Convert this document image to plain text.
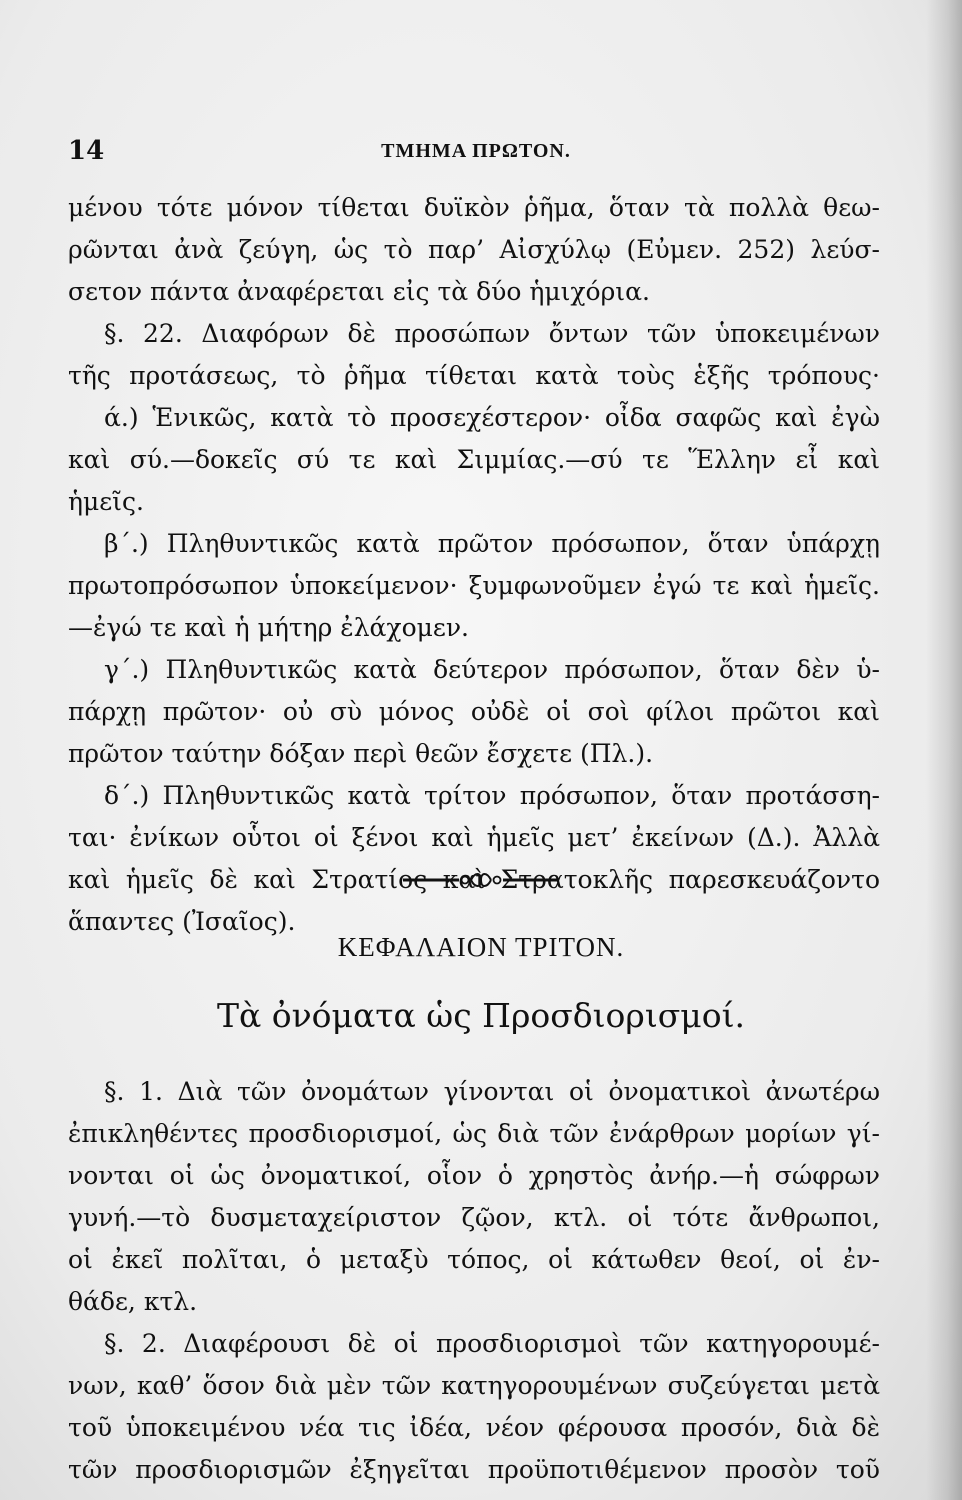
14	ΤΜΗΜΑ ΠΡΩΤΟΝ.
μένου τότε μόνον τίθεται δυϊκὸν ῥῆμα, ὅταν τὰ πολλὰ θεω-
ρῶνται ἀνὰ ζεύγη, ὡς τὸ παρ’ Αἰσχύλῳ (Εὐμεν. 252) λεύσ-
σετον πάντα ἀναφέρεται εἰς τὰ δύο ἡμιχόρια.
§. 22. Διαφόρων δὲ προσώπων ὄντων τῶν ὑποκειμένων
τῆς προτάσεως, τὸ ῥῆμα τίθεται κατὰ τοὺς ἑξῆς τρόπους·
ά.) Ἑνικῶς, κατὰ τὸ προσεχέστερον· οἶδα σαφῶς καὶ ἐγὼ
καὶ σύ.—δοκεῖς σύ τε καὶ Σιμμίας.—σύ τε Ἕλλην εἶ καὶ
ἡμεῖς.
β΄.) Πληθυντικῶς κατὰ πρῶτον πρόσωπον, ὅταν ὑπάρχῃ
πρωτοπρόσωπον ὑποκείμενον· ξυμφωνοῦμεν ἐγώ τε καὶ ἡμεῖς.
—ἐγώ τε καὶ ἡ μήτηρ ἐλάχομεν.
γ΄.) Πληθυντικῶς κατὰ δεύτερον πρόσωπον, ὅταν δὲν ὑ-
πάρχῃ πρῶτον· οὐ σὺ μόνος οὐδὲ οἱ σοὶ φίλοι πρῶτοι καὶ
πρῶτον ταύτην δόξαν περὶ θεῶν ἔσχετε (Πλ.).
δ΄.) Πληθυντικῶς κατὰ τρίτον πρόσωπον, ὅταν προτάσση-
ται· ἐνίκων οὗτοι οἱ ξένοι καὶ ἡμεῖς μετ’ ἐκείνων (Δ.). Ἀλλὰ
καὶ ἡμεῖς δὲ καὶ Στρατίος καὶ Στρατοκλῆς παρεσκευάζοντο
ἅπαντες (Ἰσαῖος).
ΚΕΦΑΛΑΙΟΝ ΤΡΙΤΟΝ.
Τὰ ὀνόματα ὡς Προσδιορισμοί.
§. 1. Διὰ τῶν ὀνομάτων γίνονται οἱ ὀνοματικοὶ ἀνωτέρω
ἐπικληθέντες προσδιορισμοί, ὡς διὰ τῶν ἐνάρθρων μορίων γί-
νονται οἱ ὡς ὀνοματικοί, οἷον ὁ χρηστὸς ἀνήρ.—ἡ σώφρων
γυνή.—τὸ δυσμεταχείριστον ζῷον, κτλ. οἱ τότε ἄνθρωποι,
οἱ ἐκεῖ πολῖται, ὁ μεταξὺ τόπος, οἱ κάτωθεν θεοί, οἱ ἐν-
θάδε, κτλ.
§. 2. Διαφέρουσι δὲ οἱ προσδιορισμοὶ τῶν κατηγορουμέ-
νων, καθ’ ὅσον διὰ μὲν τῶν κατηγορουμένων συζεύγεται μετὰ
τοῦ ὑποκειμένου νέα τις ἰδέα, νέον φέρουσα προσόν, διὰ δὲ
τῶν προσδιορισμῶν ἐξηγεῖται προϋποτιθέμενον προσὸν τοῦ
